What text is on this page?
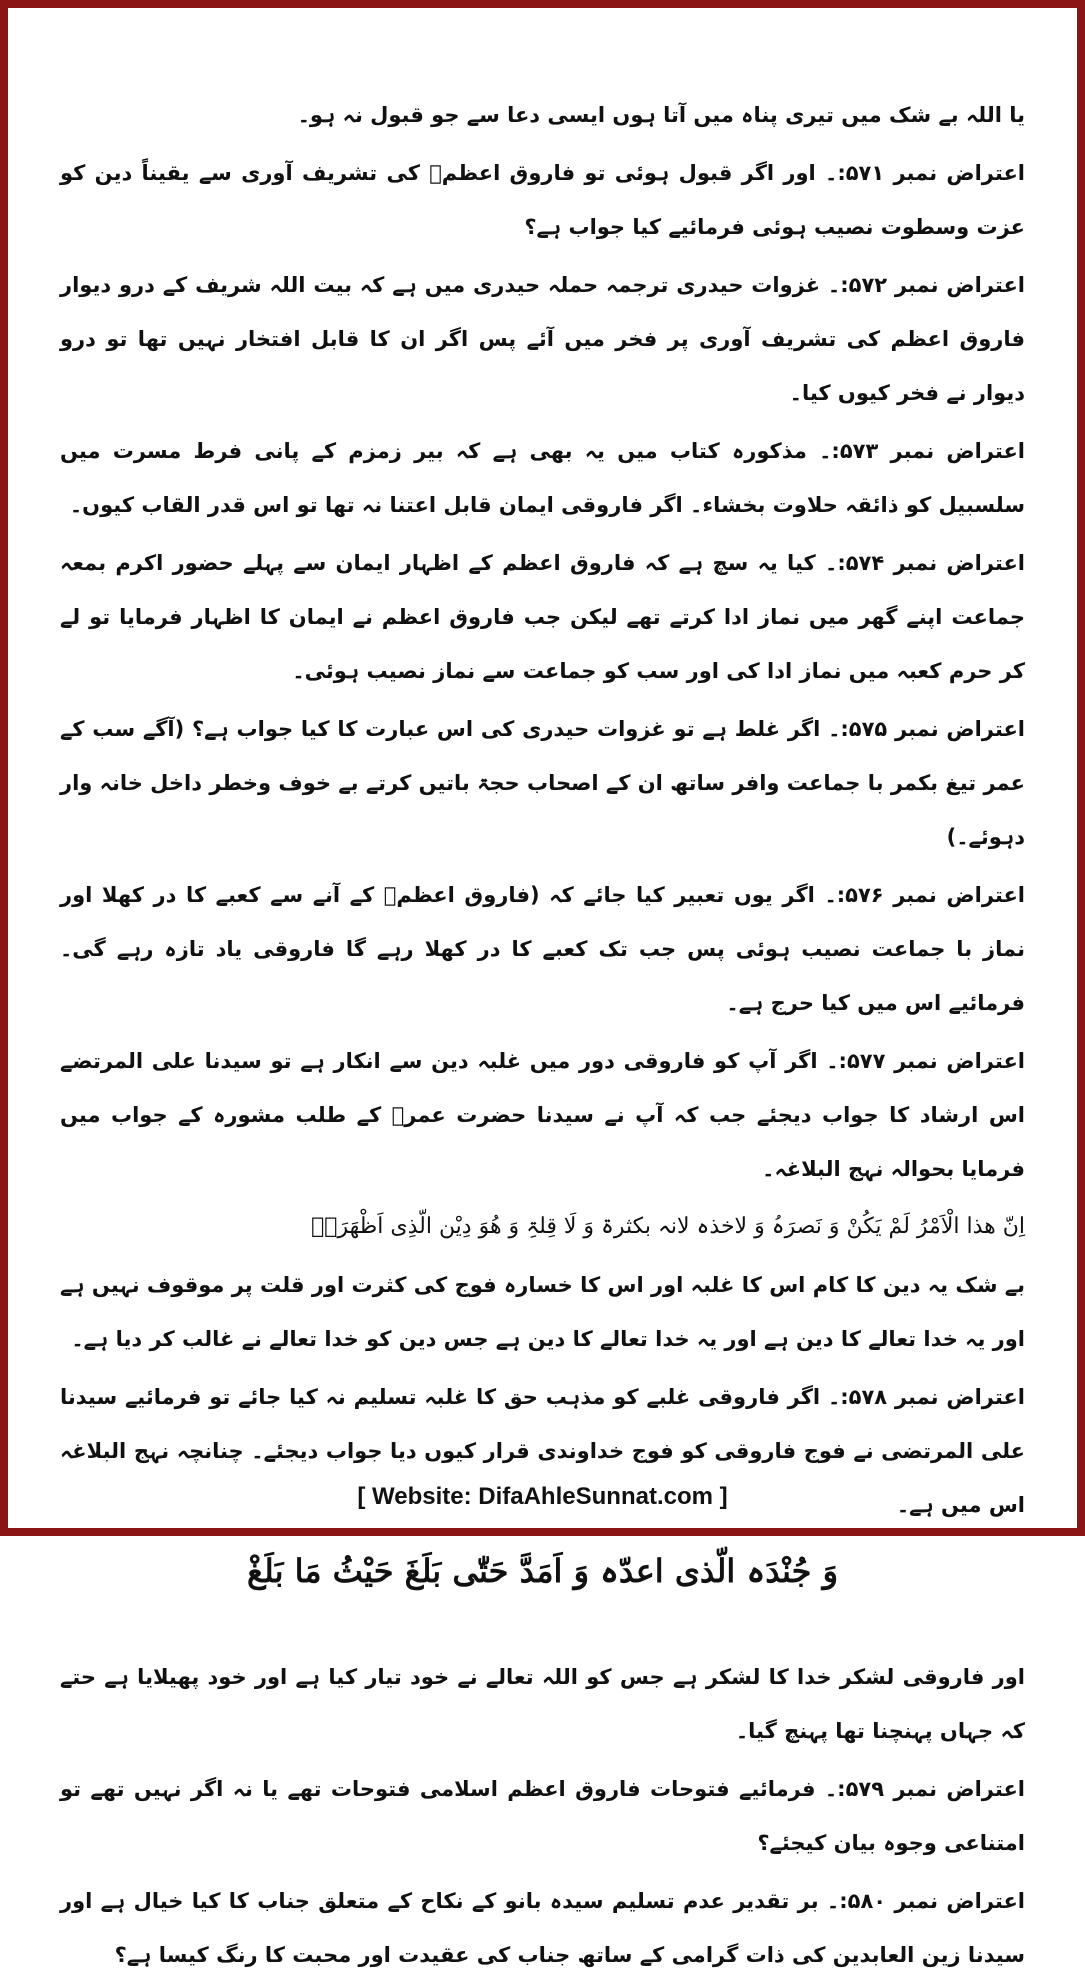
یا اللہ بے شک میں تیری پناہ میں آتا ہوں ایسی دعا سے جو قبول نہ ہو۔

اعتراض نمبر ۵۷۱:۔ اور اگر قبول ہوئی تو فاروق اعظمؓ کی تشریف آوری سے یقیناً دین کو عزت وسطوت نصیب ہوئی فرمائیے کیا جواب ہے؟

اعتراض نمبر ۵۷۲:۔ غزوات حیدری ترجمہ حملہ حیدری میں ہے کہ بیت اللہ شریف کے درو دیوار فاروق اعظم کی تشریف آوری پر فخر میں آئے پس اگر ان کا قابل افتخار نہیں تھا تو درو دیوار نے فخر کیوں کیا۔

اعتراض نمبر ۵۷۳:۔ مذکورہ کتاب میں یہ بھی ہے کہ بیر زمزم کے پانی فرط مسرت میں سلسبیل کو ذائقہ حلاوت بخشاء۔ اگر فاروقی ایمان قابل اعتنا نہ تھا تو اس قدر القاب کیوں۔

اعتراض نمبر ۵۷۴:۔ کیا یہ سچ ہے کہ فاروق اعظم کے اظہار ایمان سے پہلے حضور اکرم بمعہ جماعت اپنے گھر میں نماز ادا کرتے تھے لیکن جب فاروق اعظم نے ایمان کا اظہار فرمایا تو لے کر حرم کعبہ میں نماز ادا کی اور سب کو جماعت سے نماز نصیب ہوئی۔

اعتراض نمبر ۵۷۵:۔ اگر غلط ہے تو غزوات حیدری کی اس عبارت کا کیا جواب ہے؟ (آگے سب کے عمر تیغ بکمر با جماعت وافر ساتھ ان کے اصحاب حجۃ باتیں کرتے بے خوف وخطر داخل خانہ وار دہوئے۔)

اعتراض نمبر ۵۷۶:۔ اگر یوں تعبیر کیا جائے کہ (فاروق اعظمؓ کے آنے سے کعبے کا در کھلا اور نماز با جماعت نصیب ہوئی پس جب تک کعبے کا در کھلا رہے گا فاروقی یاد تازہ رہے گی۔ فرمائیے اس میں کیا حرج ہے۔

اعتراض نمبر ۵۷۷:۔ اگر آپ کو فاروقی دور میں غلبہ دین سے انکار ہے تو سیدنا علی المرتضے اس ارشاد کا جواب دیجئے جب کہ آپ نے سیدنا حضرت عمرؓ کے طلب مشورہ کے جواب میں فرمایا بحوالہ نہج البلاغہ۔

اِنّ ھذا الْاَمْرُ لَمْ یَکُنْ وَ نَصرَہُ وَ لاخذہ لانہ بکثرۃ وَ لَا قِلۃِ وَ ھُوَ دِیْن الّذِی اَظْھَرَہٗ

بے شک یہ دین کا کام اس کا غلبہ اور اس کا خسارہ فوج کی کثرت اور قلت پر موقوف نہیں ہے اور یہ خدا تعالے کا دین ہے اور یہ خدا تعالے کا دین ہے جس دین کو خدا تعالے نے غالب کر دیا ہے۔

اعتراض نمبر ۵۷۸:۔ اگر فاروقی غلبے کو مذہب حق کا غلبہ تسلیم نہ کیا جائے تو فرمائیے سیدنا علی المرتضی نے فوج فاروقی کو فوج خداوندی قرار کیوں دیا جواب دیجئے۔ چنانچہ نہج البلاغہ اس میں ہے۔

وَ جُنْدَہ الّذی اعدّہ وَ اَمَدَّ حَتّٰی بَلَغَ حَیْثُ مَا بَلَغْ

اور فاروقی لشکر خدا کا لشکر ہے جس کو اللہ تعالے نے خود تیار کیا ہے اور خود پھیلایا ہے حتے کہ جہاں پہنچنا تھا پہنچ گیا۔

اعتراض نمبر ۵۷۹:۔ فرمائیے فتوحات فاروق اعظم اسلامی فتوحات تھے یا نہ اگر نہیں تھے تو امتناعی وجوہ بیان کیجئے؟

اعتراض نمبر ۵۸۰:۔ بر تقدیر عدم تسلیم سیدہ بانو کے نکاح کے متعلق جناب کا کیا خیال ہے اور سیدنا زین العابدین کی ذات گرامی کے ساتھ جناب کی عقیدت اور محبت کا رنگ کیسا ہے؟

[ Website: DifaAhleSunnat.com ]
